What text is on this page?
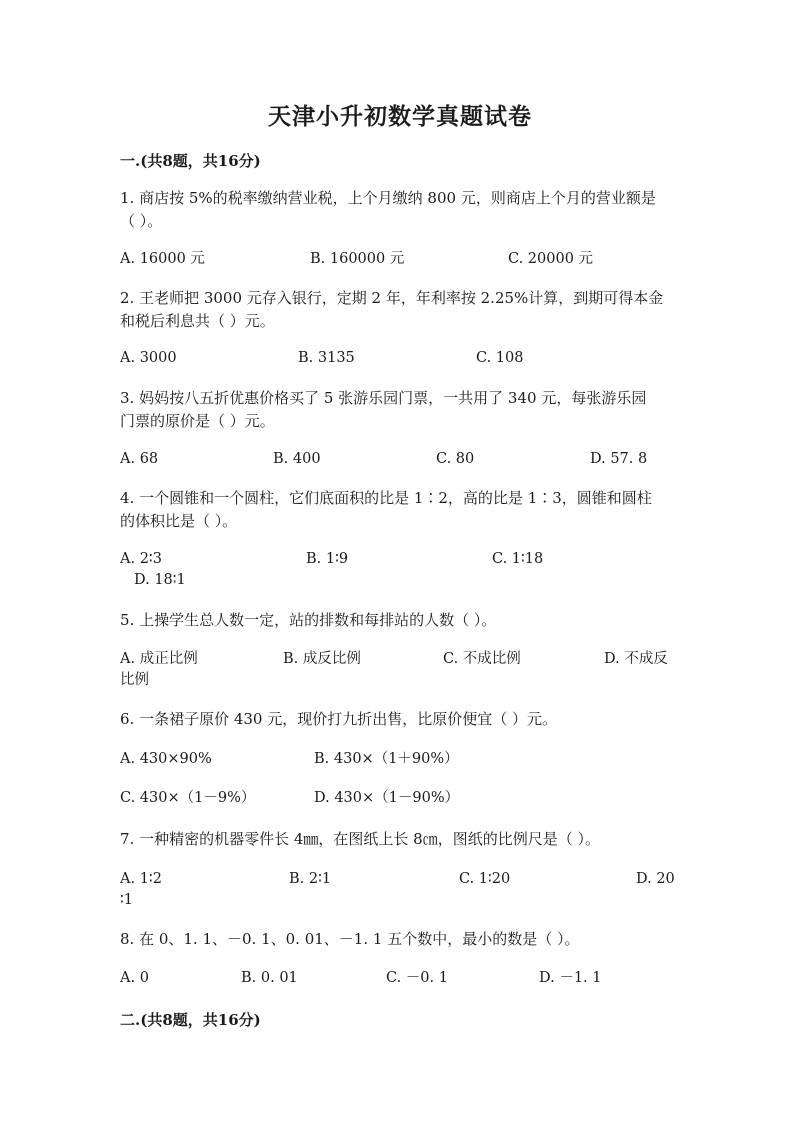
天津小升初数学真题试卷
一.(共8题，共16分)
1. 商店按 5%的税率缴纳营业税，上个月缴纳 800 元，则商店上个月的营业额是
（ ）。
A. 16000 元	B. 160000 元	C. 20000 元
2. 王老师把 3000 元存入银行，定期 2 年，年利率按 2.25%计算，到期可得本金
和税后利息共（ ）元。
A. 3000	B. 3135	C. 108
3. 妈妈按八五折优惠价格买了 5 张游乐园门票，一共用了 340 元，每张游乐园
门票的原价是（ ）元。
A. 68	B. 400	C. 80	D. 57. 8
4. 一个圆锥和一个圆柱，它们底面积的比是 1∶2，高的比是 1∶3，圆锥和圆柱
的体积比是（ ）。
A. 2∶3	B. 1∶9	C. 1∶18
D. 18∶1
5. 上操学生总人数一定，站的排数和每排站的人数（ ）。
A. 成正比例	B. 成反比例	C. 不成比例	D. 不成反
比例
6. 一条裙子原价 430 元，现价打九折出售，比原价便宜（ ）元。
A. 430×90%	B. 430×（1＋90%）
C. 430×（1－9%）	D. 430×（1－90%）
7. 一种精密的机器零件长 4㎜，在图纸上长 8㎝，图纸的比例尺是（ ）。
A. 1∶2	B. 2∶1	C. 1∶20	D. 20
∶1
8. 在 0、1. 1、－0. 1、0. 01、－1. 1 五个数中，最小的数是（ ）。
A. 0	B. 0. 01	C. －0. 1	D. －1. 1
二.(共8题，共16分)
